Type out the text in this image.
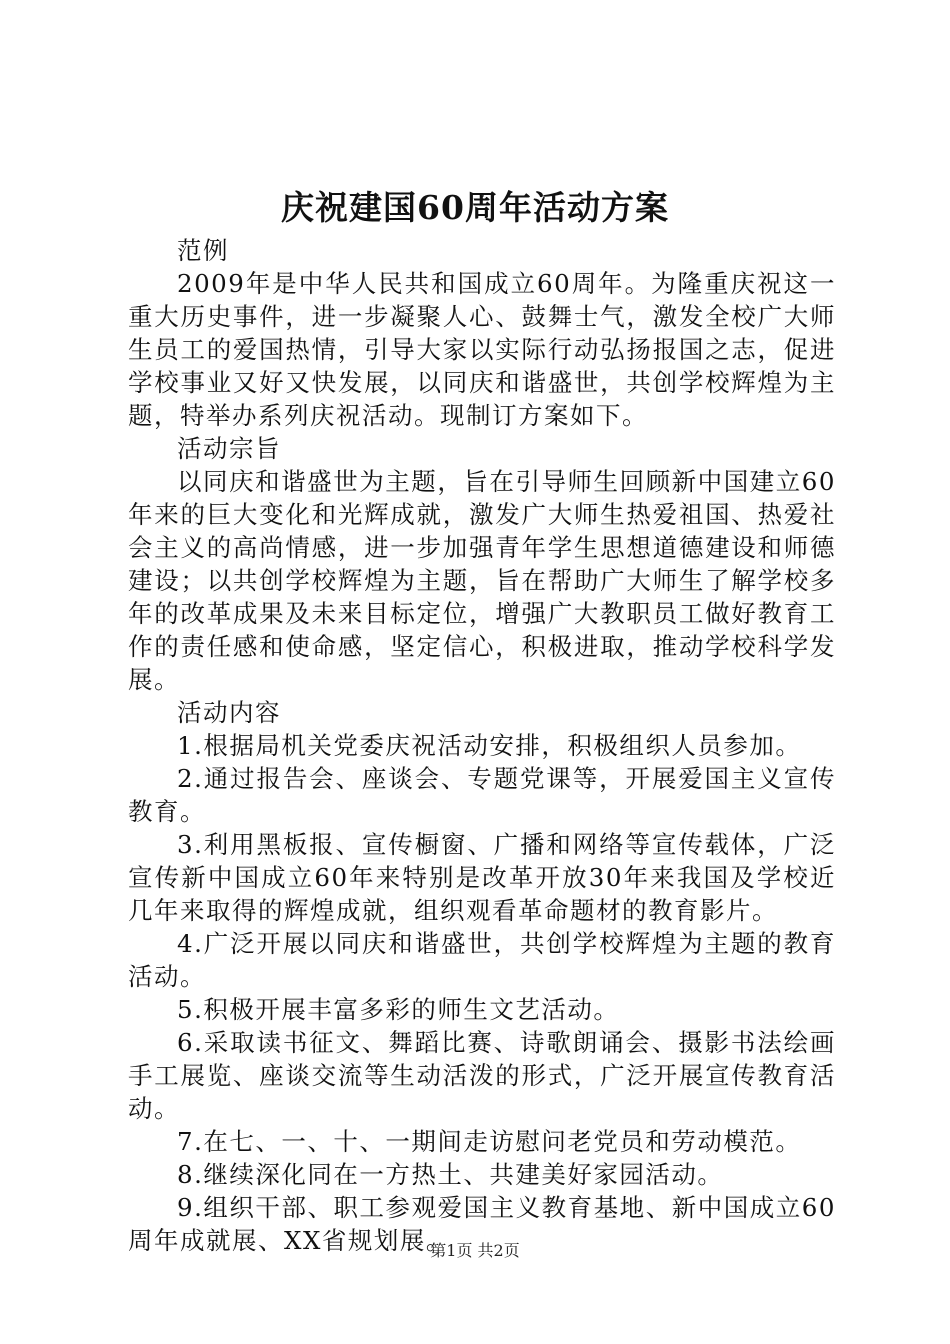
庆祝建国60周年活动方案

范例

2009年是中华人民共和国成立60周年。为隆重庆祝这一重大历史事件，进一步凝聚人心、鼓舞士气，激发全校广大师生员工的爱国热情，引导大家以实际行动弘扬报国之志，促进学校事业又好又快发展，以同庆和谐盛世，共创学校辉煌为主题，特举办系列庆祝活动。现制订方案如下。

活动宗旨

以同庆和谐盛世为主题，旨在引导师生回顾新中国建立60年来的巨大变化和光辉成就，激发广大师生热爱祖国、热爱社会主义的高尚情感，进一步加强青年学生思想道德建设和师德建设；以共创学校辉煌为主题，旨在帮助广大师生了解学校多年的改革成果及未来目标定位，增强广大教职员工做好教育工作的责任感和使命感，坚定信心，积极进取，推动学校科学发展。

活动内容

1.根据局机关党委庆祝活动安排，积极组织人员参加。

2.通过报告会、座谈会、专题党课等，开展爱国主义宣传教育。

3.利用黑板报、宣传橱窗、广播和网络等宣传载体，广泛宣传新中国成立60年来特别是改革开放30年来我国及学校近几年来取得的辉煌成就，组织观看革命题材的教育影片。

4.广泛开展以同庆和谐盛世，共创学校辉煌为主题的教育活动。

5.积极开展丰富多彩的师生文艺活动。

6.采取读书征文、舞蹈比赛、诗歌朗诵会、摄影书法绘画手工展览、座谈交流等生动活泼的形式，广泛开展宣传教育活动。

7.在七、一、十、一期间走访慰问老党员和劳动模范。

8.继续深化同在一方热土、共建美好家园活动。

9.组织干部、职工参观爱国主义教育基地、新中国成立60周年成就展、XX省规划展。

第1页 共2页
